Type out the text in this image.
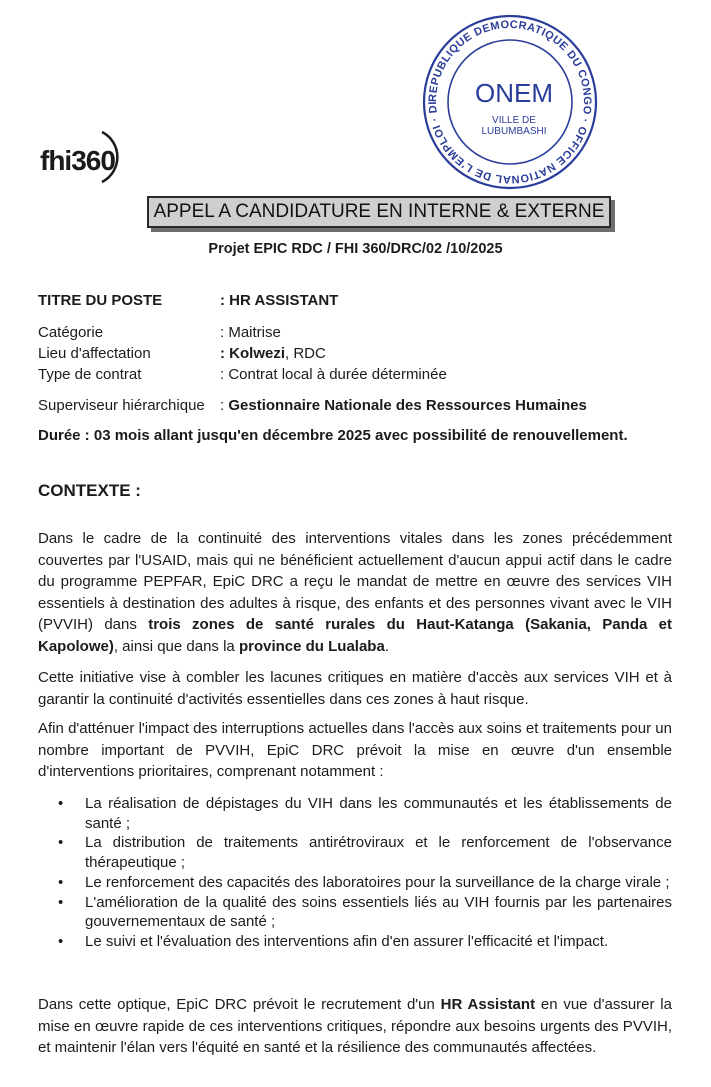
fhi360
REPUBLIQUE DEMOCRATIQUE DU CONGO · OFFICE NATIONAL DE L'EMPLOI · DI	ONEM
VILLE DE
LUBUMBASHI
APPEL A CANDIDATURE EN INTERNE & EXTERNE
Projet EPIC RDC / FHI 360/DRC/02 /10/2025
TITRE DU POSTE	: HR ASSISTANT
Catégorie	: Maitrise
Lieu d'affectation	: Kolwezi, RDC
Type de contrat	: Contrat local à durée déterminée
Superviseur hiérarchique : Gestionnaire Nationale des Ressources Humaines
Durée : 03 mois allant jusqu'en décembre 2025 avec possibilité de renouvellement.
CONTEXTE :
Dans le cadre de la continuité des interventions vitales dans les zones précédemment couvertes par l'USAID, mais qui ne bénéficient actuellement d'aucun appui actif dans le cadre du programme PEPFAR, EpiC DRC a reçu le mandat de mettre en œuvre des services VIH essentiels à destination des adultes à risque, des enfants et des personnes vivant avec le VIH (PVVIH) dans trois zones de santé rurales du Haut-Katanga (Sakania, Panda et Kapolowe), ainsi que dans la province du Lualaba.
Cette initiative vise à combler les lacunes critiques en matière d'accès aux services VIH et à garantir la continuité d'activités essentielles dans ces zones à haut risque.
Afin d'atténuer l'impact des interruptions actuelles dans l'accès aux soins et traitements pour un nombre important de PVVIH, EpiC DRC prévoit la mise en œuvre d'un ensemble d'interventions prioritaires, comprenant notamment :
• La réalisation de dépistages du VIH dans les communautés et les établissements de santé ;
• La distribution de traitements antirétroviraux et le renforcement de l'observance thérapeutique ;
• Le renforcement des capacités des laboratoires pour la surveillance de la charge virale ;
• L'amélioration de la qualité des soins essentiels liés au VIH fournis par les partenaires gouvernementaux de santé ;
• Le suivi et l'évaluation des interventions afin d'en assurer l'efficacité et l'impact.
Dans cette optique, EpiC DRC prévoit le recrutement d'un HR Assistant en vue d'assurer la mise en œuvre rapide de ces interventions critiques, répondre aux besoins urgents des PVVIH, et maintenir l'élan vers l'équité en santé et la résilience des communautés affectées.
